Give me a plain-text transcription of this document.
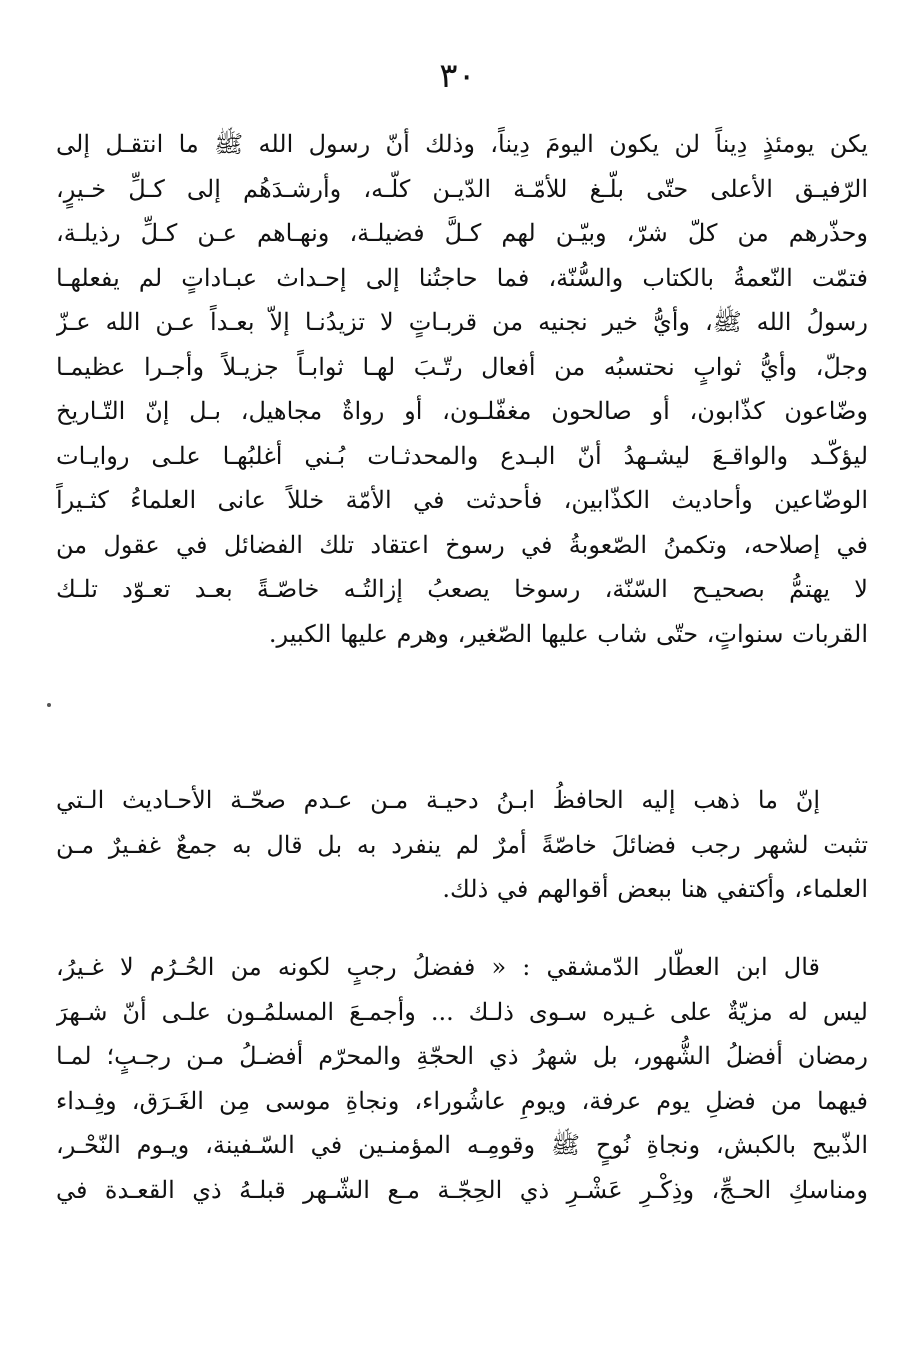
٣٠
يكن يومئذٍ دِيناً لن يكون اليومَ دِيناً، وذلك أنّ رسول الله ﷺ ما انتقـل إلى
الرّفيـق الأعلى حتّى بلّـغ للأمّـة الدّيـن كلّـه، وأرشـدَهُم إلى كـلِّ خـيرٍ،
وحذّرهم من كلّ شرّ، وبيّـن لهم كـلَّ فضيلـة، ونهـاهم عـن كـلِّ رذيلـة،
فتمّت النّعمةُ بالكتاب والسُّنّة، فما حاجتُنا إلى إحـداث عبـاداتٍ لم يفعلهـا
رسولُ الله ﷺ، وأيُّ خير نجنيه من قربـاتٍ لا تزيدُنـا إلاّ بعـداً عـن الله عـزّ
وجلّ، وأيُّ ثوابٍ نحتسبُه من أفعال رتّـبَ لهـا ثوابـاً جزيـلاً وأجـرا عظيمـا
وضّاعون كذّابون، أو صالحون مغفّلـون، أو رواةٌ مجاهيل، بـل إنّ التّـاريخ
ليؤكّـد والواقـعَ ليشـهدُ أنّ البـدع والمحدثـات بُـني أغلبُهـا علـى روايـات
الوضّاعين وأحاديث الكذّابين، فأحدثت في الأمّة خللاً عانى العلماءُ كثـيراً
في إصلاحه، وتكمنُ الصّعوبةُ في رسوخ اعتقاد تلك الفضائل في عقول من
لا يهتمُّ بصحيـح السّنّة، رسوخا يصعبُ إزالتُـه خاصّـةً بعـد تعـوّد تلـك
القربات سنواتٍ، حتّى شاب عليها الصّغير، وهرم عليها الكبير.
إنّ ما ذهب إليه الحافظُ ابـنُ دحيـة مـن عـدم صحّـة الأحـاديث الـتي
تثبت لشهر رجب فضائلَ خاصّةً أمرٌ لم ينفرد به بل قال به جمعٌ غفـيرٌ مـن
العلماء، وأكتفي هنا ببعض أقوالهم في ذلك.
قال ابن العطّار الدّمشقي : « ففضلُ رجبٍ لكونه من الحُـرُم لا غـيرُ،
ليس له مزيّةٌ على غـيره سـوى ذلـك ... وأجمـعَ المسلمُـون علـى أنّ شـهرَ
رمضان أفضلُ الشُّهور، بل شهرُ ذي الحجّةِ والمحرّم أفضـلُ مـن رجـبٍ؛ لمـا
فيهما من فضلِ يوم عرفة، ويومِ عاشُوراء، ونجاةِ موسى مِن الغَـرَق، وفِـداء
الذّبيح بالكبش، ونجاةِ نُوحٍ ﷺ وقومِـه المؤمنـين في السّـفينة، ويـوم النّحْـر،
ومناسكِ الحـجِّ، وذِكْـرِ عَشْـرِ ذي الحِجّـة مـع الشّـهر قبلـهُ ذي القعـدة في
